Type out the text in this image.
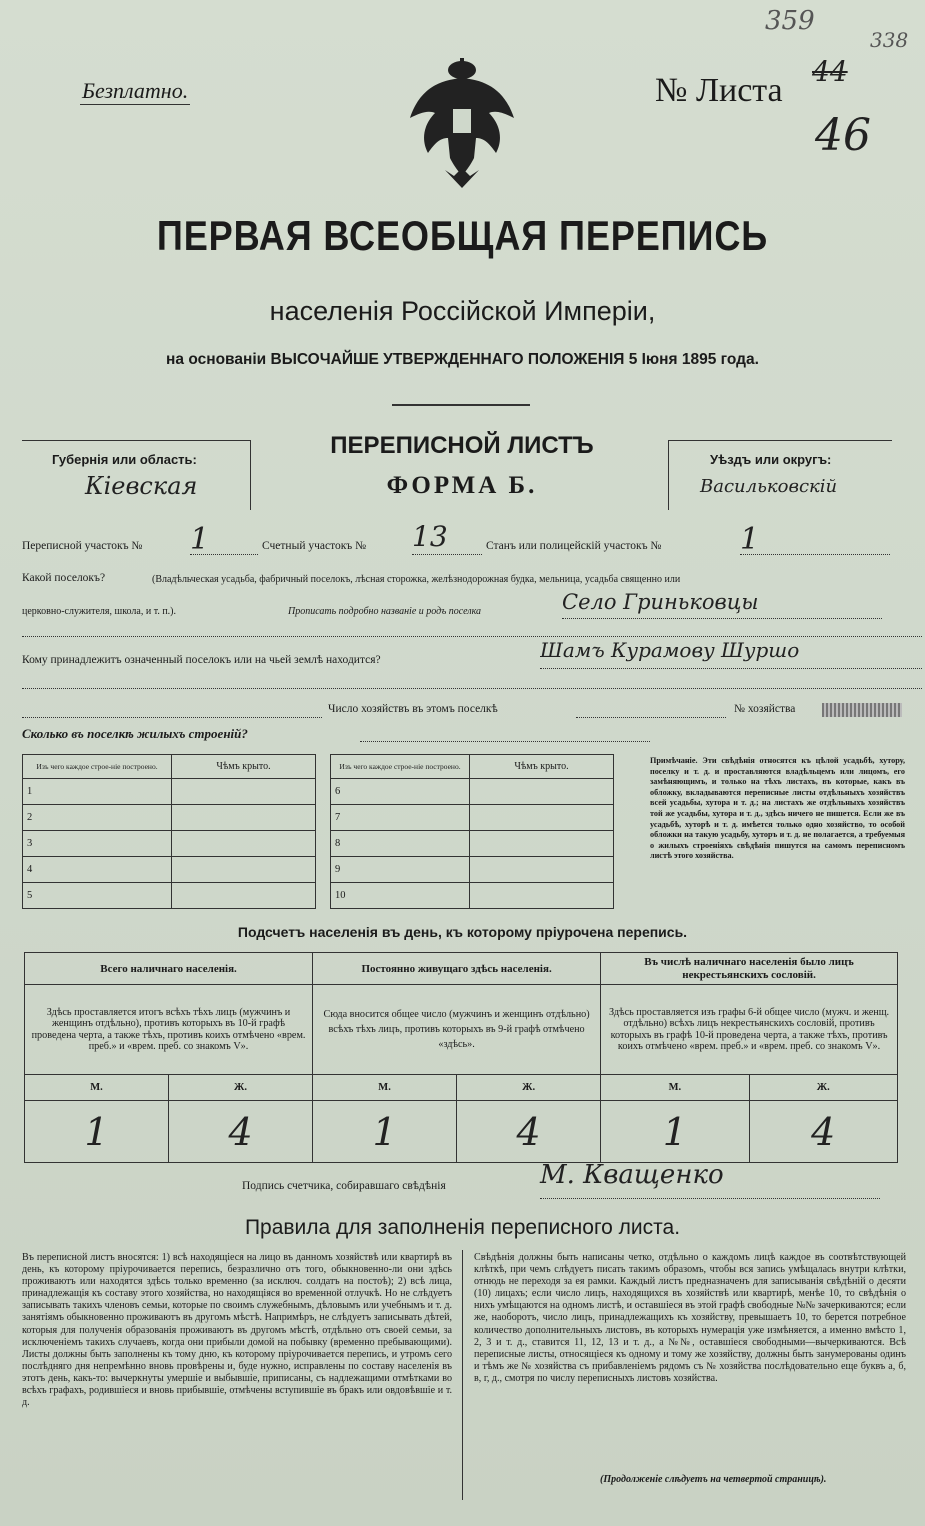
Безплатно.	№ Листа
44
46
359
338
ПЕРВАЯ ВСЕОБЩАЯ ПЕРЕПИСЬ
населенія Россійской Имперіи,
на основаніи ВЫСОЧАЙШЕ УТВЕРЖДЕННАГО ПОЛОЖЕНІЯ 5 Іюня 1895 года.
Губернія или область:
Кіевская
ПЕРЕПИСНОЙ ЛИСТЪ
ФОРМА Б.
Уѣздъ или округъ:
Васильковскій
Переписной участокъ № 1	Счетный участокъ № 13	Станъ или полицейскій участокъ №	1
Какой поселокъ?	(Владѣльческая усадьба, фабричный поселокъ, лѣсная сторожка, желѣзнодорожная будка, мельница, усадьба священно или
церковно-служителя, школа, и т. п.).	Прописать подробно названіе и родъ поселка	Село Гриньковцы
Кому принадлежитъ означенный поселокъ или на чьей землѣ находится?	Шамъ Курамову Шуршо
Число хозяйствъ въ этомъ поселкѣ	№ хозяйства
Сколько въ поселкѣ жилыхъ строеній?
Изъ чего каждое строе-ніе построено.	Чѣмъ крыто.
1	
2	
3	
4	
5	
Изъ чего каждое строе-ніе построено.	Чѣмъ крыто.
6	
7	
8	
9	
10	
Примѣчаніе. Эти свѣдѣнія относятся къ цѣлой усадьбѣ, хутору, поселку и т. д. и проставляются владѣльцемъ или лицомъ, его замѣняющимъ, и только на тѣхъ листахъ, въ которые, какъ въ обложку, вкладываются переписные листы отдѣльныхъ хозяйствъ всей усадьбы, хутора и т. д.; на листахъ же отдѣльныхъ хозяйствъ той же усадьбы, хутора и т. д., здѣсь ничего не пишется. Если же въ усадьбѣ, хуторѣ и т. д. имѣется только одно хозяйство, то особой обложки на такую усадьбу, хуторъ и т. д. не полагается, а требуемыя о жилыхъ строеніяхъ свѣдѣнія пишутся на самомъ переписномъ листѣ этого хозяйства.
Подсчетъ населенія въ день, къ которому пріурочена перепись.
Всего наличнаго населенія.		Постоянно живущаго здѣсь населенія.		Въ числѣ наличнаго населенія было лицъ некрестьянскихъ сословій.	
Здѣсь проставляется итогъ всѣхъ тѣхъ лицъ (мужчинъ и женщинъ отдѣльно), противъ которыхъ въ 10-й графѣ проведена черта, а также тѣхъ, противъ коихъ отмѣчено «врем. преб.» и «врем. преб. со знакомъ V».		Сюда вносится общее число (мужчинъ и женщинъ отдѣльно) всѣхъ тѣхъ лицъ, противъ которыхъ въ 9-й графѣ отмѣчено «здѣсь».		Здѣсь проставляется изъ графы 6-й общее число (мужч. и женщ. отдѣльно) всѣхъ лицъ некрестьянскихъ сословій, противъ которыхъ въ графѣ 10-й проведена черта, а также тѣхъ, противъ коихъ отмѣчено «врем. преб.» и «врем. преб. со знакомъ V».	
М.	Ж.	М.	Ж.	М.	Ж.
1	4	1	4	1	4
Подпись счетчика, собиравшаго свѣдѣнія	М. Кващенко
Правила для заполненія переписного листа.
Въ переписной листъ вносятся: 1) всѣ находящіеся на лицо въ данномъ хозяйствѣ или квартирѣ въ день, къ которому пріурочивается перепись, безразлично отъ того, обыкновенно-ли они здѣсь проживаютъ или находятся здѣсь только временно (за исключ. солдатъ на постоѣ); 2) всѣ лица, принадлежащія къ составу этого хозяйства, но находящіяся во временной отлучкѣ. Но не слѣдуетъ записывать такихъ членовъ семьи, которые по своимъ служебнымъ, дѣловымъ или учебнымъ и т. д. занятіямъ обыкновенно проживаютъ въ другомъ мѣстѣ. Напримѣръ, не слѣдуетъ записывать дѣтей, которыя для полученія образованія проживаютъ въ другомъ мѣстѣ, отдѣльно отъ своей семьи, за исключеніемъ такихъ случаевъ, когда они прибыли домой на побывку (временно пребывающими). Листы должны быть заполнены къ тому дню, къ которому пріурочивается перепись, и утромъ сего послѣдняго дня непремѣнно вновь провѣрены и, буде нужно, исправлены по составу населенія въ этотъ день, какъ-то: вычеркнуты умершіе и выбывшіе, приписаны, съ надлежащими отмѣтками во всѣхъ графахъ, родившіеся и вновь прибывшіе, отмѣчены вступившіе въ бракъ или овдовѣвшіе и т. д.
Свѣдѣнія должны быть написаны четко, отдѣльно о каждомъ лицѣ каждое въ соотвѣтствующей клѣткѣ, при чемъ слѣдуетъ писать такимъ образомъ, чтобы вся запись умѣщалась внутри клѣтки, отнюдь не переходя за ея рамки. Каждый листъ предназначенъ для записыванія свѣдѣній о десяти (10) лицахъ; если число лицъ, находящихся въ хозяйствѣ или квартирѣ, менѣе 10, то свѣдѣнія о нихъ умѣщаются на одномъ листѣ, и оставшіеся въ этой графѣ свободные №№ зачеркиваются; если же, наоборотъ, число лицъ, принадлежащихъ къ хозяйству, превышаетъ 10, то берется потребное количество дополнительныхъ листовъ, въ которыхъ нумерація уже измѣняется, а именно вмѣсто 1, 2, 3 и т. д., ставится 11, 12, 13 и т. д., а №№, оставшіеся свободными—вычеркиваются. Всѣ переписные листы, относящіеся къ одному и тому же хозяйству, должны быть занумерованы одинъ и тѣмъ же № хозяйства съ прибавленіемъ рядомъ съ № хозяйства послѣдовательно еще буквъ а, б, в, г, д., смотря по числу переписныхъ листовъ хозяйства.
(Продолженіе слѣдуетъ на четвертой страницѣ).
